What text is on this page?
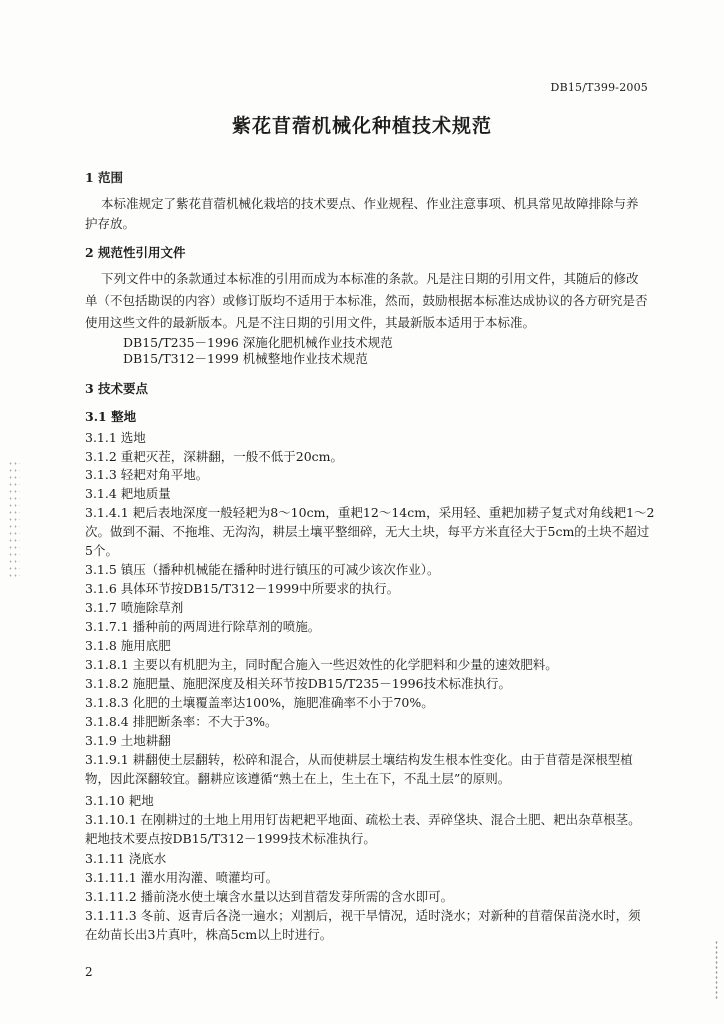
DB15/T399-2005
紫花苜蓿机械化种植技术规范
1 范围
本标准规定了紫花苜蓿机械化栽培的技术要点、作业规程、作业注意事项、机具常见故障排除与养
护存放。
2 规范性引用文件
下列文件中的条款通过本标准的引用而成为本标准的条款。凡是注日期的引用文件，其随后的修改
单（不包括勘误的内容）或修订版均不适用于本标准，然而，鼓励根据本标准达成协议的各方研究是否
使用这些文件的最新版本。凡是不注日期的引用文件，其最新版本适用于本标准。
DB15/T235－1996 深施化肥机械作业技术规范
DB15/T312－1999 机械整地作业技术规范
3 技术要点
3.1 整地
3.1.1 选地
3.1.2 重耙灭茬，深耕翻，一般不低于20cm。
3.1.3 轻耙对角平地。
3.1.4 耙地质量
3.1.4.1 耙后表地深度一般轻耙为8～10cm，重耙12～14cm，采用轻、重耙加耢子复式对角线耙1～2
次。做到不漏、不拖堆、无沟沟，耕层土壤平整细碎，无大土块，每平方米直径大于5cm的土块不超过
5个。
3.1.5 镇压（播种机械能在播种时进行镇压的可减少该次作业）。
3.1.6 具体环节按DB15/T312－1999中所要求的执行。
3.1.7 喷施除草剂
3.1.7.1 播种前的两周进行除草剂的喷施。
3.1.8 施用底肥
3.1.8.1 主要以有机肥为主，同时配合施入一些迟效性的化学肥料和少量的速效肥料。
3.1.8.2 施肥量、施肥深度及相关环节按DB15/T235－1996技术标准执行。
3.1.8.3 化肥的土壤覆盖率达100%，施肥准确率不小于70%。
3.1.8.4 排肥断条率：不大于3%。
3.1.9 土地耕翻
3.1.9.1 耕翻使土层翻转，松碎和混合，从而使耕层土壤结构发生根本性变化。由于苜蓿是深根型植
物，因此深翻较宜。翻耕应该遵循“熟土在上，生土在下，不乱土层”的原则。
3.1.10 耙地
3.1.10.1 在刚耕过的土地上用用钉齿耙耙平地面、疏松土表、弄碎垡块、混合土肥、耙出杂草根茎。
耙地技术要点按DB15/T312－1999技术标准执行。
3.1.11 浇底水
3.1.11.1 灌水用沟灌、喷灌均可。
3.1.11.2 播前浇水使土壤含水量以达到苜蓿发芽所需的含水即可。
3.1.11.3 冬前、返青后各浇一遍水；刈割后，视干旱情况，适时浇水；对新种的苜蓿保苗浇水时，须
在幼苗长出3片真叶，株高5cm以上时进行。
2
